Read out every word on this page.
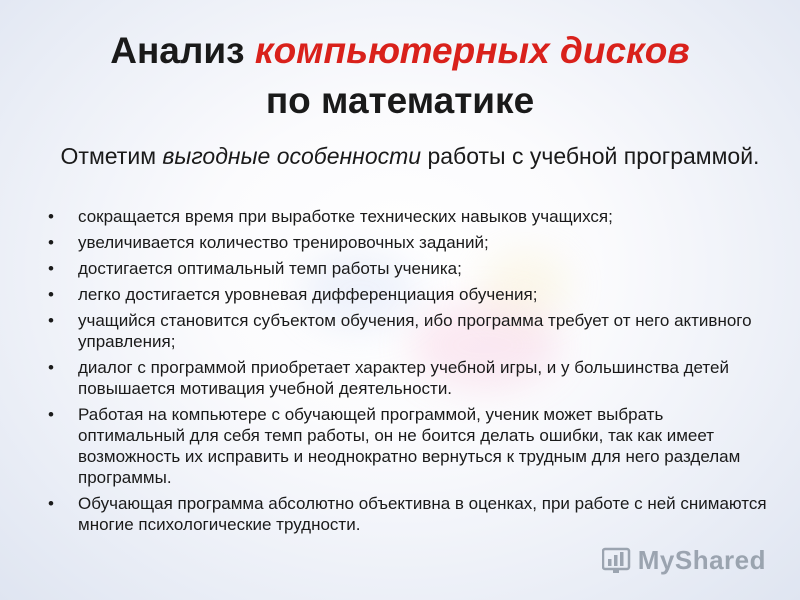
Анализ компьютерных дисков
по математике
Отметим выгодные особенности работы с учебной программой.
• сокращается время при выработке технических навыков учащихся;
• увеличивается количество тренировочных заданий;
• достигается оптимальный темп работы ученика;
• легко достигается уровневая дифференциация обучения;
• учащийся становится субъектом обучения, ибо программа требует от него активного управления;
• диалог с программой приобретает характер учебной игры, и у большинства детей повышается мотивация учебной деятельности.
• Работая на компьютере с обучающей программой, ученик может выбрать оптимальный для себя темп работы, он не боится делать ошибки, так как имеет возможность их исправить и неоднократно вернуться к трудным для него разделам программы.
• Обучающая программа абсолютно объективна в оценках, при работе с ней снимаются многие психологические трудности.
MyShared
